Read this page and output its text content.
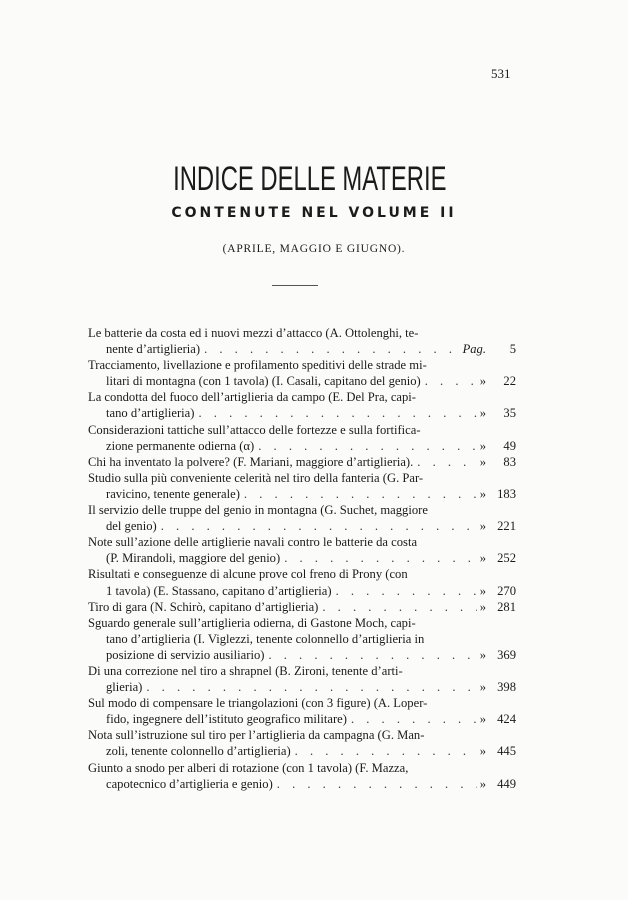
531
INDICE DELLE MATERIE
CONTENUTE NEL VOLUME II
(APRILE, MAGGIO E GIUGNO).
Le batterie da costa ed i nuovi mezzi d’attacco (A. Ottolenghi, te-
nente d’artiglieria) . . .	Pag.	5
Tracciamento, livellazione e profilamento speditivi delle strade mi-
litari di montagna (con 1 tavola) (I. Casali, capitano del genio) . . .	»	22
La condotta del fuoco dell’artiglieria da campo (E. Del Pra, capi-
tano d’artiglieria) . . .	»	35
Considerazioni tattiche sull’attacco delle fortezze e sulla fortifica-
zione permanente odierna (α) . . .	»	49
Chi ha inventato la polvere? (F. Mariani, maggiore d’artiglieria). . . .	»	83
Studio sulla più conveniente celerità nel tiro della fanteria (G. Par-
ravicino, tenente generale) . . .	» 183
Il servizio delle truppe del genio in montagna (G. Suchet, maggiore
del genio) . . .	» 221
Note sull’azione delle artiglierie navali contro le batterie da costa
(P. Mirandoli, maggiore del genio) . . .	» 252
Risultati e conseguenze di alcune prove col freno di Prony (con
1 tavola) (E. Stassano, capitano d’artiglieria) . . .	» 270
Tiro di gara (N. Schirò, capitano d’artiglieria) . . .	» 281
Sguardo generale sull’artiglieria odierna, di Gastone Moch, capi-
tano d’artiglieria (I. Viglezzi, tenente colonnello d’artiglieria in
posizione di servizio ausiliario) . . .	» 369
Di una correzione nel tiro a shrapnel (B. Zironi, tenente d’arti-
glieria) . . .	» 398
Sul modo di compensare le triangolazioni (con 3 figure) (A. Loper-
fido, ingegnere dell’istituto geografico militare) . . .	» 424
Nota sull’istruzione sul tiro per l’artiglieria da campagna (G. Man-
zoli, tenente colonnello d’artiglieria) . . .	» 445
Giunto a snodo per alberi di rotazione (con 1 tavola) (F. Mazza,
capotecnico d’artiglieria e genio) . . .	» 449
